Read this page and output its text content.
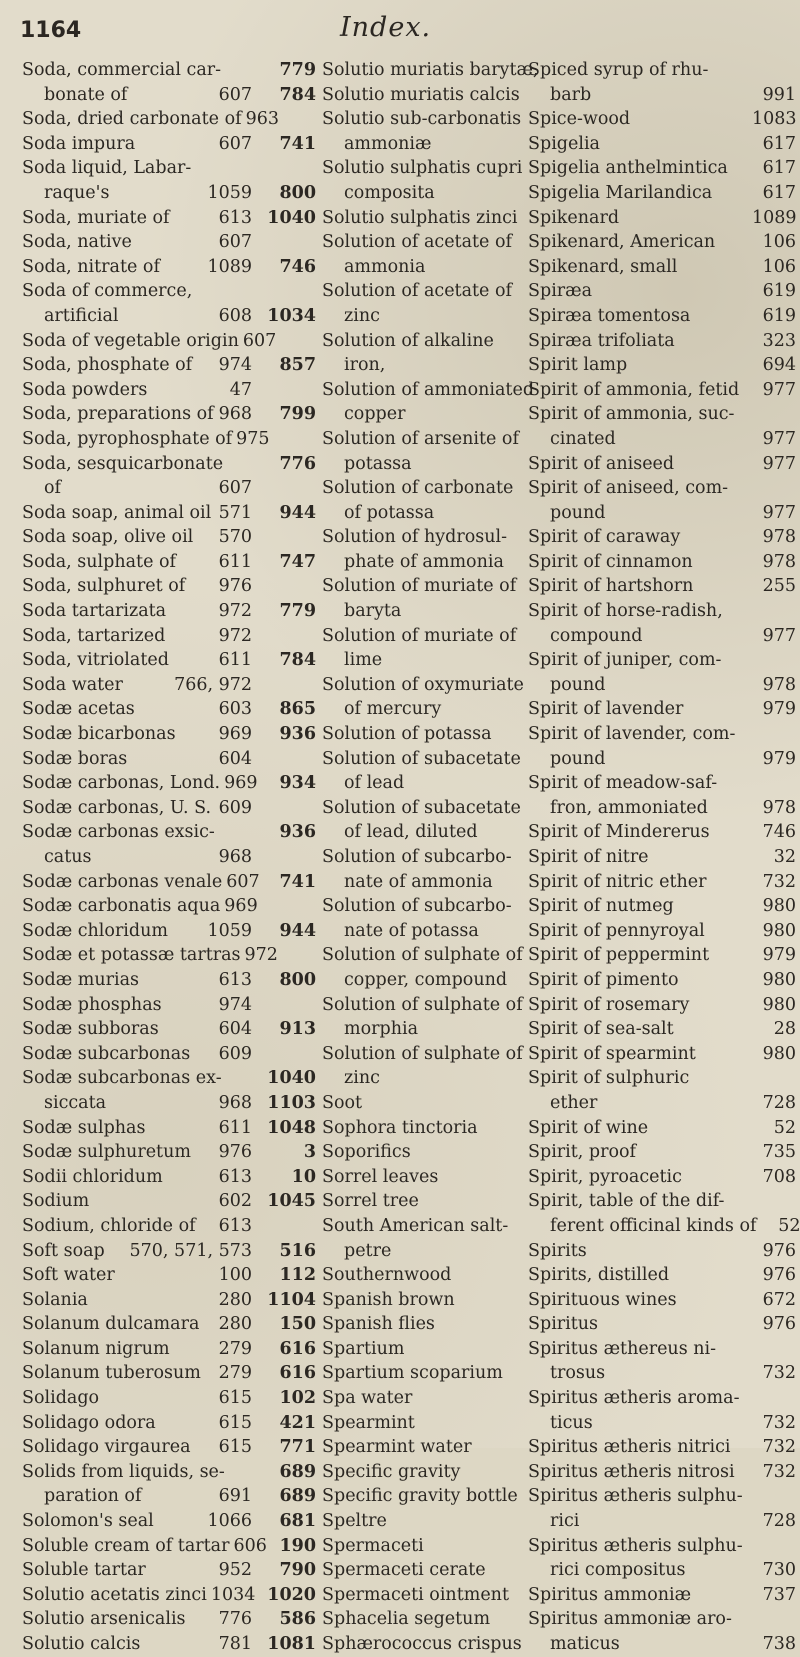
1164	Index.
Soda, commercial car-
bonate of	607
Soda, dried carbonate of 963
Soda impura	607
Soda liquid, Labar-
raque's	1059
Soda, muriate of	613
Soda, native	607
Soda, nitrate of	1089
Soda of commerce,
artificial	608
Soda of vegetable origin 607
Soda, phosphate of	974
Soda powders	47
Soda, preparations of 968
Soda, pyrophosphate of 975
Soda, sesquicarbonate
of	607
Soda soap, animal oil 571
Soda soap, olive oil	570
Soda, sulphate of	611
Soda, sulphuret of	976
Soda tartarizata	972
Soda, tartarized	972
Soda, vitriolated	611
Soda water	766, 972
Sodæ acetas	603
Sodæ bicarbonas	969
Sodæ boras	604
Sodæ carbonas, Lond. 969
Sodæ carbonas, U. S. 609
Sodæ carbonas exsic-
catus	968
Sodæ carbonas venale 607
Sodæ carbonatis aqua 969
Sodæ chloridum	1059
Sodæ et potassæ tartras 972
Sodæ murias	613
Sodæ phosphas	974
Sodæ subboras	604
Sodæ subcarbonas	609
Sodæ subcarbonas ex-
siccata	968
Sodæ sulphas	611
Sodæ sulphuretum	976
Sodii chloridum	613
Sodium	602
Sodium, chloride of	613
Soft soap	570, 571, 573
Soft water	100
Solania	280
Solanum dulcamara	280
Solanum nigrum	279
Solanum tuberosum	279
Solidago	615
Solidago odora	615
Solidago virgaurea	615
Solids from liquids, se-
paration of	691
Solomon's seal	1066
Soluble cream of tartar 606
Soluble tartar	952
Solutio acetatis zinci 1034
Solutio arsenicalis	776
Solutio calcis	781
779 Solutio muriatis barytæ,
784 Solutio muriatis calcis
Solutio sub-carbonatis
741	ammoniæ
Solutio sulphatis cupri
800	composita
1040 Solutio sulphatis zinci
Solution of acetate of
746	ammonia
Solution of acetate of
1034	zinc
Solution of alkaline
857	iron,
Solution of ammoniated
799	copper
Solution of arsenite of
776	potassa
Solution of carbonate
944	of potassa
Solution of hydrosul-
747	phate of ammonia
Solution of muriate of
779	baryta
Solution of muriate of
784	lime
Solution of oxymuriate
865	of mercury
936 Solution of potassa
Solution of subacetate
934	of lead
Solution of subacetate
936	of lead, diluted
Solution of subcarbo-
741	nate of ammonia
Solution of subcarbo-
944	nate of potassa
Solution of sulphate of
800	copper, compound
Solution of sulphate of
913	morphia
Solution of sulphate of
1040	zinc
1103 Soot
1048 Sophora tinctoria
3 Soporifics
10 Sorrel leaves
1045 Sorrel tree
South American salt-
516	petre
112 Southernwood
1104 Spanish brown
150 Spanish flies
616 Spartium
616 Spartium scoparium
102 Spa water
421 Spearmint
771 Spearmint water
689 Specific gravity
689 Specific gravity bottle
681 Speltre
190 Spermaceti
790 Spermaceti cerate
1020 Spermaceti ointment
586 Sphacelia segetum
1081 Sphærococcus crispus
Spiced syrup of rhu-
barb	991
Spice-wood	1083
Spigelia	617
Spigelia anthelmintica	617
Spigelia Marilandica	617
Spikenard	1089
Spikenard, American	106
Spikenard, small	106
Spiræa	619
Spiræa tomentosa	619
Spiræa trifoliata	323
Spirit lamp	694
Spirit of ammonia, fetid	977
Spirit of ammonia, suc-
cinated	977
Spirit of aniseed	977
Spirit of aniseed, com-
pound	977
Spirit of caraway	978
Spirit of cinnamon	978
Spirit of hartshorn	255
Spirit of horse-radish,
compound	977
Spirit of juniper, com-
pound	978
Spirit of lavender	979
Spirit of lavender, com-
pound	979
Spirit of meadow-saf-
fron, ammoniated	978
Spirit of Mindererus	746
Spirit of nitre	32
Spirit of nitric ether	732
Spirit of nutmeg	980
Spirit of pennyroyal	980
Spirit of peppermint	979
Spirit of pimento	980
Spirit of rosemary	980
Spirit of sea-salt	28
Spirit of spearmint	980
Spirit of sulphuric
ether	728
Spirit of wine	52
Spirit, proof	735
Spirit, pyroacetic	708
Spirit, table of the dif-
ferent officinal kinds of	52
Spirits	976
Spirits, distilled	976
Spirituous wines	672
Spiritus	976
Spiritus æthereus ni-
trosus	732
Spiritus ætheris aroma-
ticus	732
Spiritus ætheris nitrici	732
Spiritus ætheris nitrosi	732
Spiritus ætheris sulphu-
rici	728
Spiritus ætheris sulphu-
rici compositus	730
Spiritus ammoniæ	737
Spiritus ammoniæ aro-
maticus	738
